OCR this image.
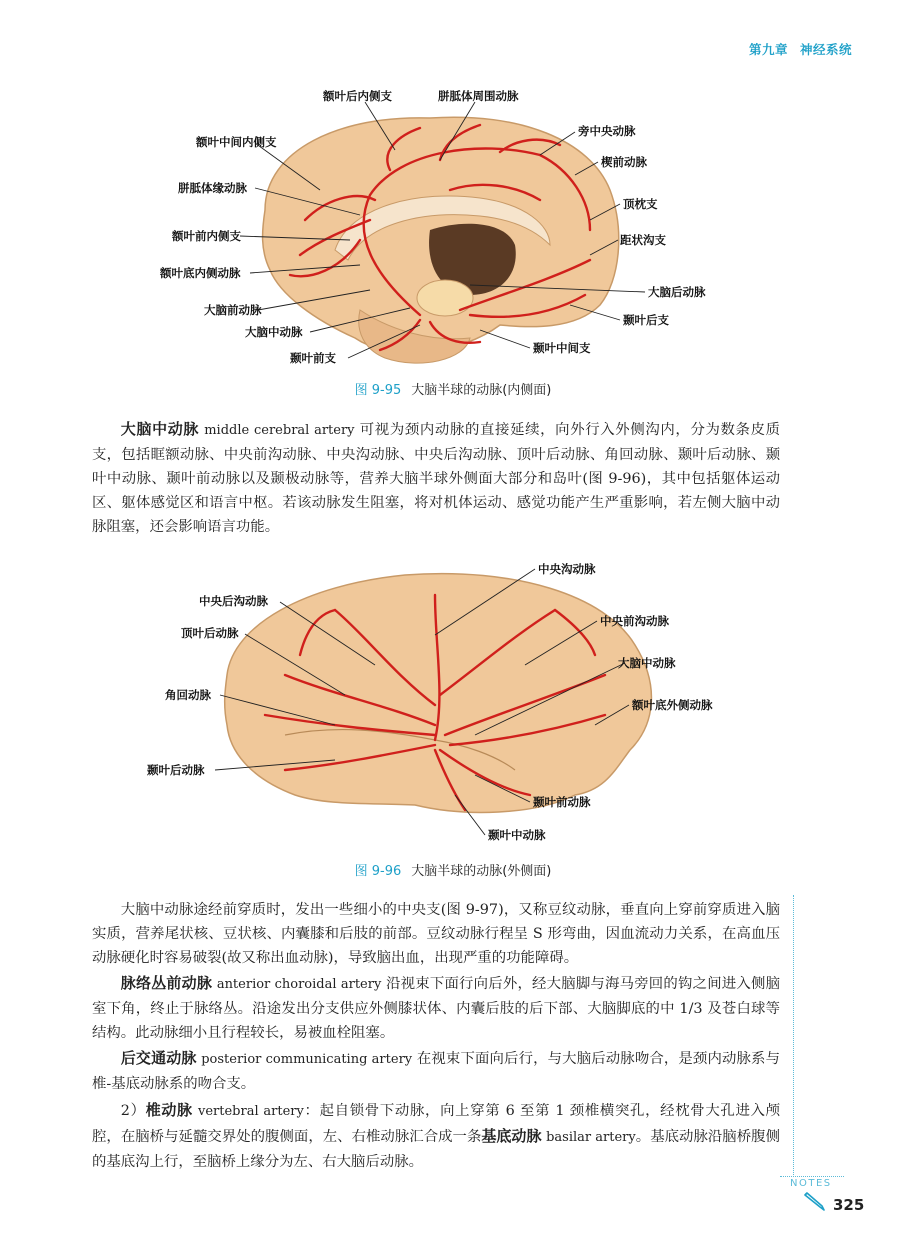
第九章 神经系统
额叶后内侧支	胼胝体周围动脉
额叶中间内侧支
旁中央动脉
楔前动脉
胼胝体缘动脉
顶枕支
额叶前内侧支	距状沟支
额叶底内侧动脉
大脑后动脉
大脑前动脉
颞叶后支
大脑中动脉
颞叶中间支
颞叶前支
图 9-95 大脑半球的动脉(内侧面)

大脑中动脉 middle cerebral artery 可视为颈内动脉的直接延续，向外行入外侧沟内，分为数条皮质支，包括眶额动脉、中央前沟动脉、中央沟动脉、中央后沟动脉、顶叶后动脉、角回动脉、颞叶后动脉、颞叶中动脉、颞叶前动脉以及颞极动脉等，营养大脑半球外侧面大部分和岛叶(图 9-96)，其中包括躯体运动区、躯体感觉区和语言中枢。若该动脉发生阻塞，将对机体运动、感觉功能产生严重影响，若左侧大脑中动脉阻塞，还会影响语言功能。

中央沟动脉
中央后沟动脉
中央前沟动脉
顶叶后动脉
大脑中动脉
角回动脉
额叶底外侧动脉
颞叶后动脉
颞叶前动脉
颞叶中动脉
图 9-96 大脑半球的动脉(外侧面)

大脑中动脉途经前穿质时，发出一些细小的中央支(图 9-97)，又称豆纹动脉，垂直向上穿前穿质进入脑实质，营养尾状核、豆状核、内囊膝和后肢的前部。豆纹动脉行程呈 S 形弯曲，因血流动力关系，在高血压动脉硬化时容易破裂(故又称出血动脉)，导致脑出血，出现严重的功能障碍。

脉络丛前动脉 anterior choroidal artery 沿视束下面行向后外，经大脑脚与海马旁回的钩之间进入侧脑室下角，终止于脉络丛。沿途发出分支供应外侧膝状体、内囊后肢的后下部、大脑脚底的中 1/3 及苍白球等结构。此动脉细小且行程较长，易被血栓阻塞。

后交通动脉 posterior communicating artery 在视束下面向后行，与大脑后动脉吻合，是颈内动脉系与椎-基底动脉系的吻合支。

2）椎动脉 vertebral artery：起自锁骨下动脉，向上穿第 6 至第 1 颈椎横突孔，经枕骨大孔进入颅腔，在脑桥与延髓交界处的腹侧面，左、右椎动脉汇合成一条基底动脉 basilar artery。基底动脉沿脑桥腹侧的基底沟上行，至脑桥上缘分为左、右大脑后动脉。

NOTES
325
